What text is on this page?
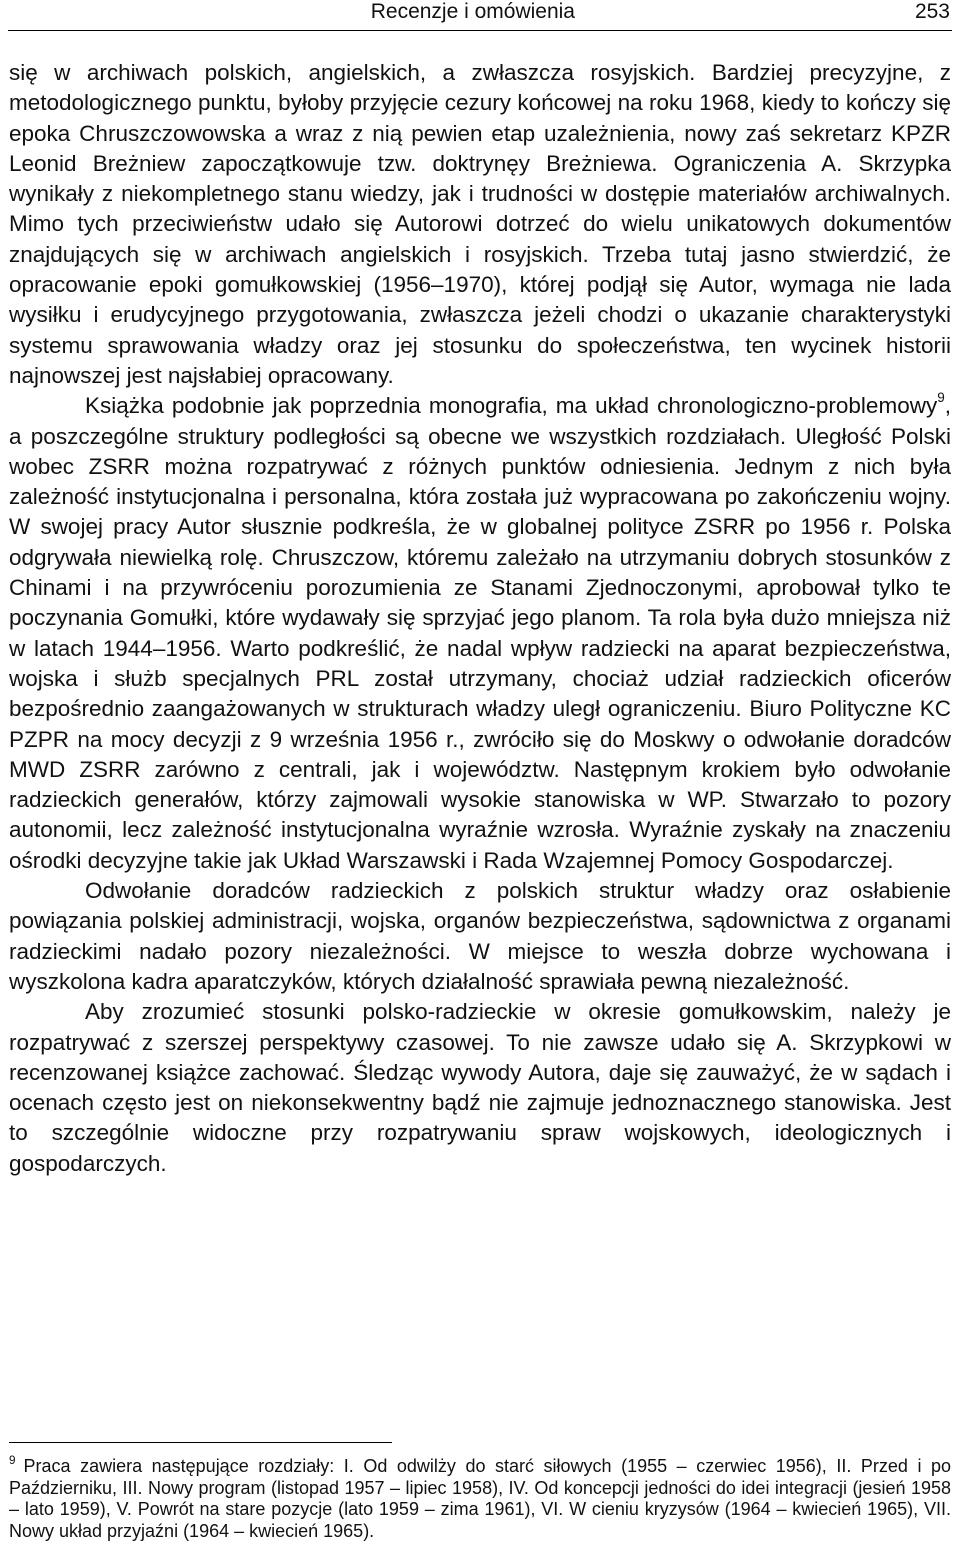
Recenzje i omówienia	253

się w archiwach polskich, angielskich, a zwłaszcza rosyjskich. Bardziej precyzyjne, z metodologicznego punktu, byłoby przyjęcie cezury końcowej na roku 1968, kiedy to kończy się epoka Chruszczowowska a wraz z nią pewien etap uzależnienia, nowy zaś sekretarz KPZR Leonid Breżniew zapoczątkowuje tzw. doktrynęy Breżniewa. Ograniczenia A. Skrzypka wynikały z niekompletnego stanu wiedzy, jak i trudności w dostępie materiałów archiwalnych. Mimo tych przeciwieństw udało się Autorowi dotrzeć do wielu unikatowych dokumentów znajdujących się w archiwach angielskich i rosyjskich. Trzeba tutaj jasno stwierdzić, że opracowanie epoki gomułkowskiej (1956–1970), której podjął się Autor, wymaga nie lada wysiłku i erudycyjnego przygotowania, zwłaszcza jeżeli chodzi o ukazanie charakterystyki systemu sprawowania władzy oraz jej stosunku do społeczeństwa, ten wycinek historii najnowszej jest najsłabiej opracowany.

Książka podobnie jak poprzednia monografia, ma układ chronologiczno-problemowy$^9$, a poszczególne struktury podległości są obecne we wszystkich rozdziałach. Uległość Polski wobec ZSRR można rozpatrywać z różnych punktów odniesienia. Jednym z nich była zależność instytucjonalna i personalna, która została już wypracowana po zakończeniu wojny. W swojej pracy Autor słusznie podkreśla, że w globalnej polityce ZSRR po 1956 r. Polska odgrywała niewielką rolę. Chruszczow, któremu zależało na utrzymaniu dobrych stosunków z Chinami i na przywróceniu porozumienia ze Stanami Zjednoczonymi, aprobował tylko te poczynania Gomułki, które wydawały się sprzyjać jego planom. Ta rola była dużo mniejsza niż w latach 1944–1956. Warto podkreślić, że nadal wpływ radziecki na aparat bezpieczeństwa, wojska i służb specjalnych PRL został utrzymany, chociaż udział radzieckich oficerów bezpośrednio zaangażowanych w strukturach władzy uległ ograniczeniu. Biuro Polityczne KC PZPR na mocy decyzji z 9 września 1956 r., zwróciło się do Moskwy o odwołanie doradców MWD ZSRR zarówno z centrali, jak i województw. Następnym krokiem było odwołanie radzieckich generałów, którzy zajmowali wysokie stanowiska w WP. Stwarzało to pozory autonomii, lecz zależność instytucjonalna wyraźnie wzrosła. Wyraźnie zyskały na znaczeniu ośrodki decyzyjne takie jak Układ Warszawski i Rada Wzajemnej Pomocy Gospodarczej.

Odwołanie doradców radzieckich z polskich struktur władzy oraz osłabienie powiązania polskiej administracji, wojska, organów bezpieczeństwa, sądownictwa z organami radzieckimi nadało pozory niezależności. W miejsce to weszła dobrze wychowana i wyszkolona kadra aparatczyków, których działalność sprawiała pewną niezależność.

Aby zrozumieć stosunki polsko-radzieckie w okresie gomułkowskim, należy je rozpatrywać z szerszej perspektywy czasowej. To nie zawsze udało się A. Skrzypkowi w recenzowanej książce zachować. Śledząc wywody Autora, daje się zauważyć, że w sądach i ocenach często jest on niekonsekwentny bądź nie zajmuje jednoznacznego stanowiska. Jest to szczególnie widoczne przy rozpatrywaniu spraw wojskowych, ideologicznych i gospodarczych.

$^9$ Praca zawiera następujące rozdziały: I. Od odwilży do starć siłowych (1955 – czerwiec 1956), II. Przed i po Październiku, III. Nowy program (listopad 1957 – lipiec 1958), IV. Od koncepcji jedności do idei integracji (jesień 1958 – lato 1959), V. Powrót na stare pozycje (lato 1959 – zima 1961), VI. W cieniu kryzysów (1964 – kwiecień 1965), VII. Nowy układ przyjaźni (1964 – kwiecień 1965).
